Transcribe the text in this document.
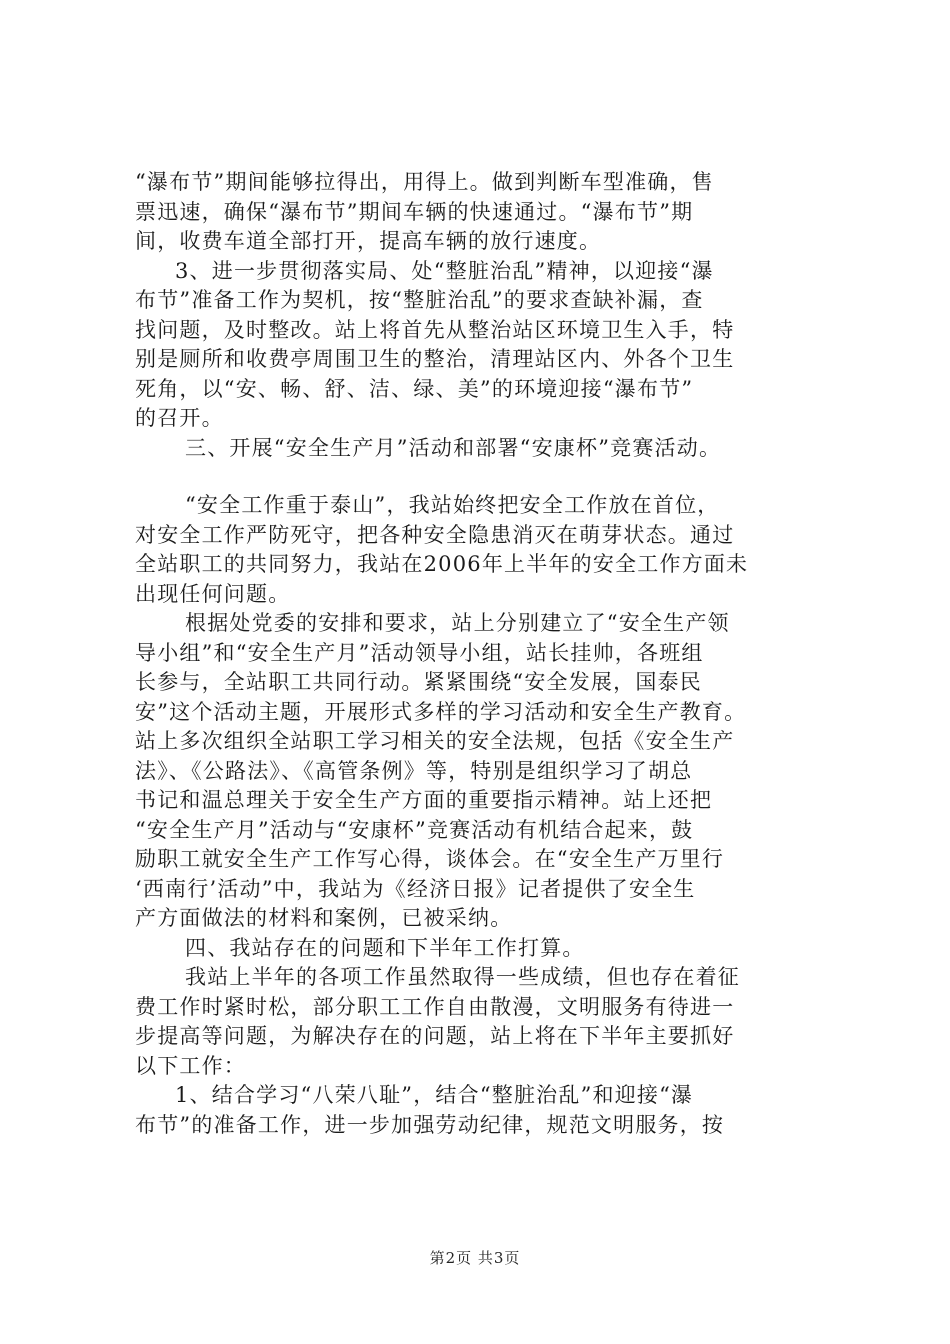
“瀑布节”期间能够拉得出，用得上。做到判断车型准确，售
票迅速，确保“瀑布节”期间车辆的快速通过。“瀑布节”期
间，收费车道全部打开，提高车辆的放行速度。
3、进一步贯彻落实局、处“整脏治乱”精神，以迎接“瀑
布节”准备工作为契机，按“整脏治乱”的要求查缺补漏，查
找问题，及时整改。站上将首先从整治站区环境卫生入手，特
别是厕所和收费亭周围卫生的整治，清理站区内、外各个卫生
死角，以“安、畅、舒、洁、绿、美”的环境迎接“瀑布节”
的召开。
三、开展“安全生产月”活动和部署“安康杯”竞赛活动。
“安全工作重于泰山”，我站始终把安全工作放在首位，
对安全工作严防死守，把各种安全隐患消灭在萌芽状态。通过
全站职工的共同努力，我站在2006年上半年的安全工作方面未
出现任何问题。
根据处党委的安排和要求，站上分别建立了“安全生产领
导小组”和“安全生产月”活动领导小组，站长挂帅，各班组
长参与，全站职工共同行动。紧紧围绕“安全发展，国泰民
安”这个活动主题，开展形式多样的学习活动和安全生产教育。
站上多次组织全站职工学习相关的安全法规，包括《安全生产
法》、《公路法》、《高管条例》等，特别是组织学习了胡总
书记和温总理关于安全生产方面的重要指示精神。站上还把
“安全生产月”活动与“安康杯”竞赛活动有机结合起来，鼓
励职工就安全生产工作写心得，谈体会。在“安全生产万里行
‘西南行’活动”中，我站为《经济日报》记者提供了安全生
产方面做法的材料和案例，已被采纳。
四、我站存在的问题和下半年工作打算。
我站上半年的各项工作虽然取得一些成绩，但也存在着征
费工作时紧时松，部分职工工作自由散漫，文明服务有待进一
步提高等问题，为解决存在的问题，站上将在下半年主要抓好
以下工作：
1、结合学习“八荣八耻”，结合“整脏治乱”和迎接“瀑
布节”的准备工作，进一步加强劳动纪律，规范文明服务，按
第2页 共3页
